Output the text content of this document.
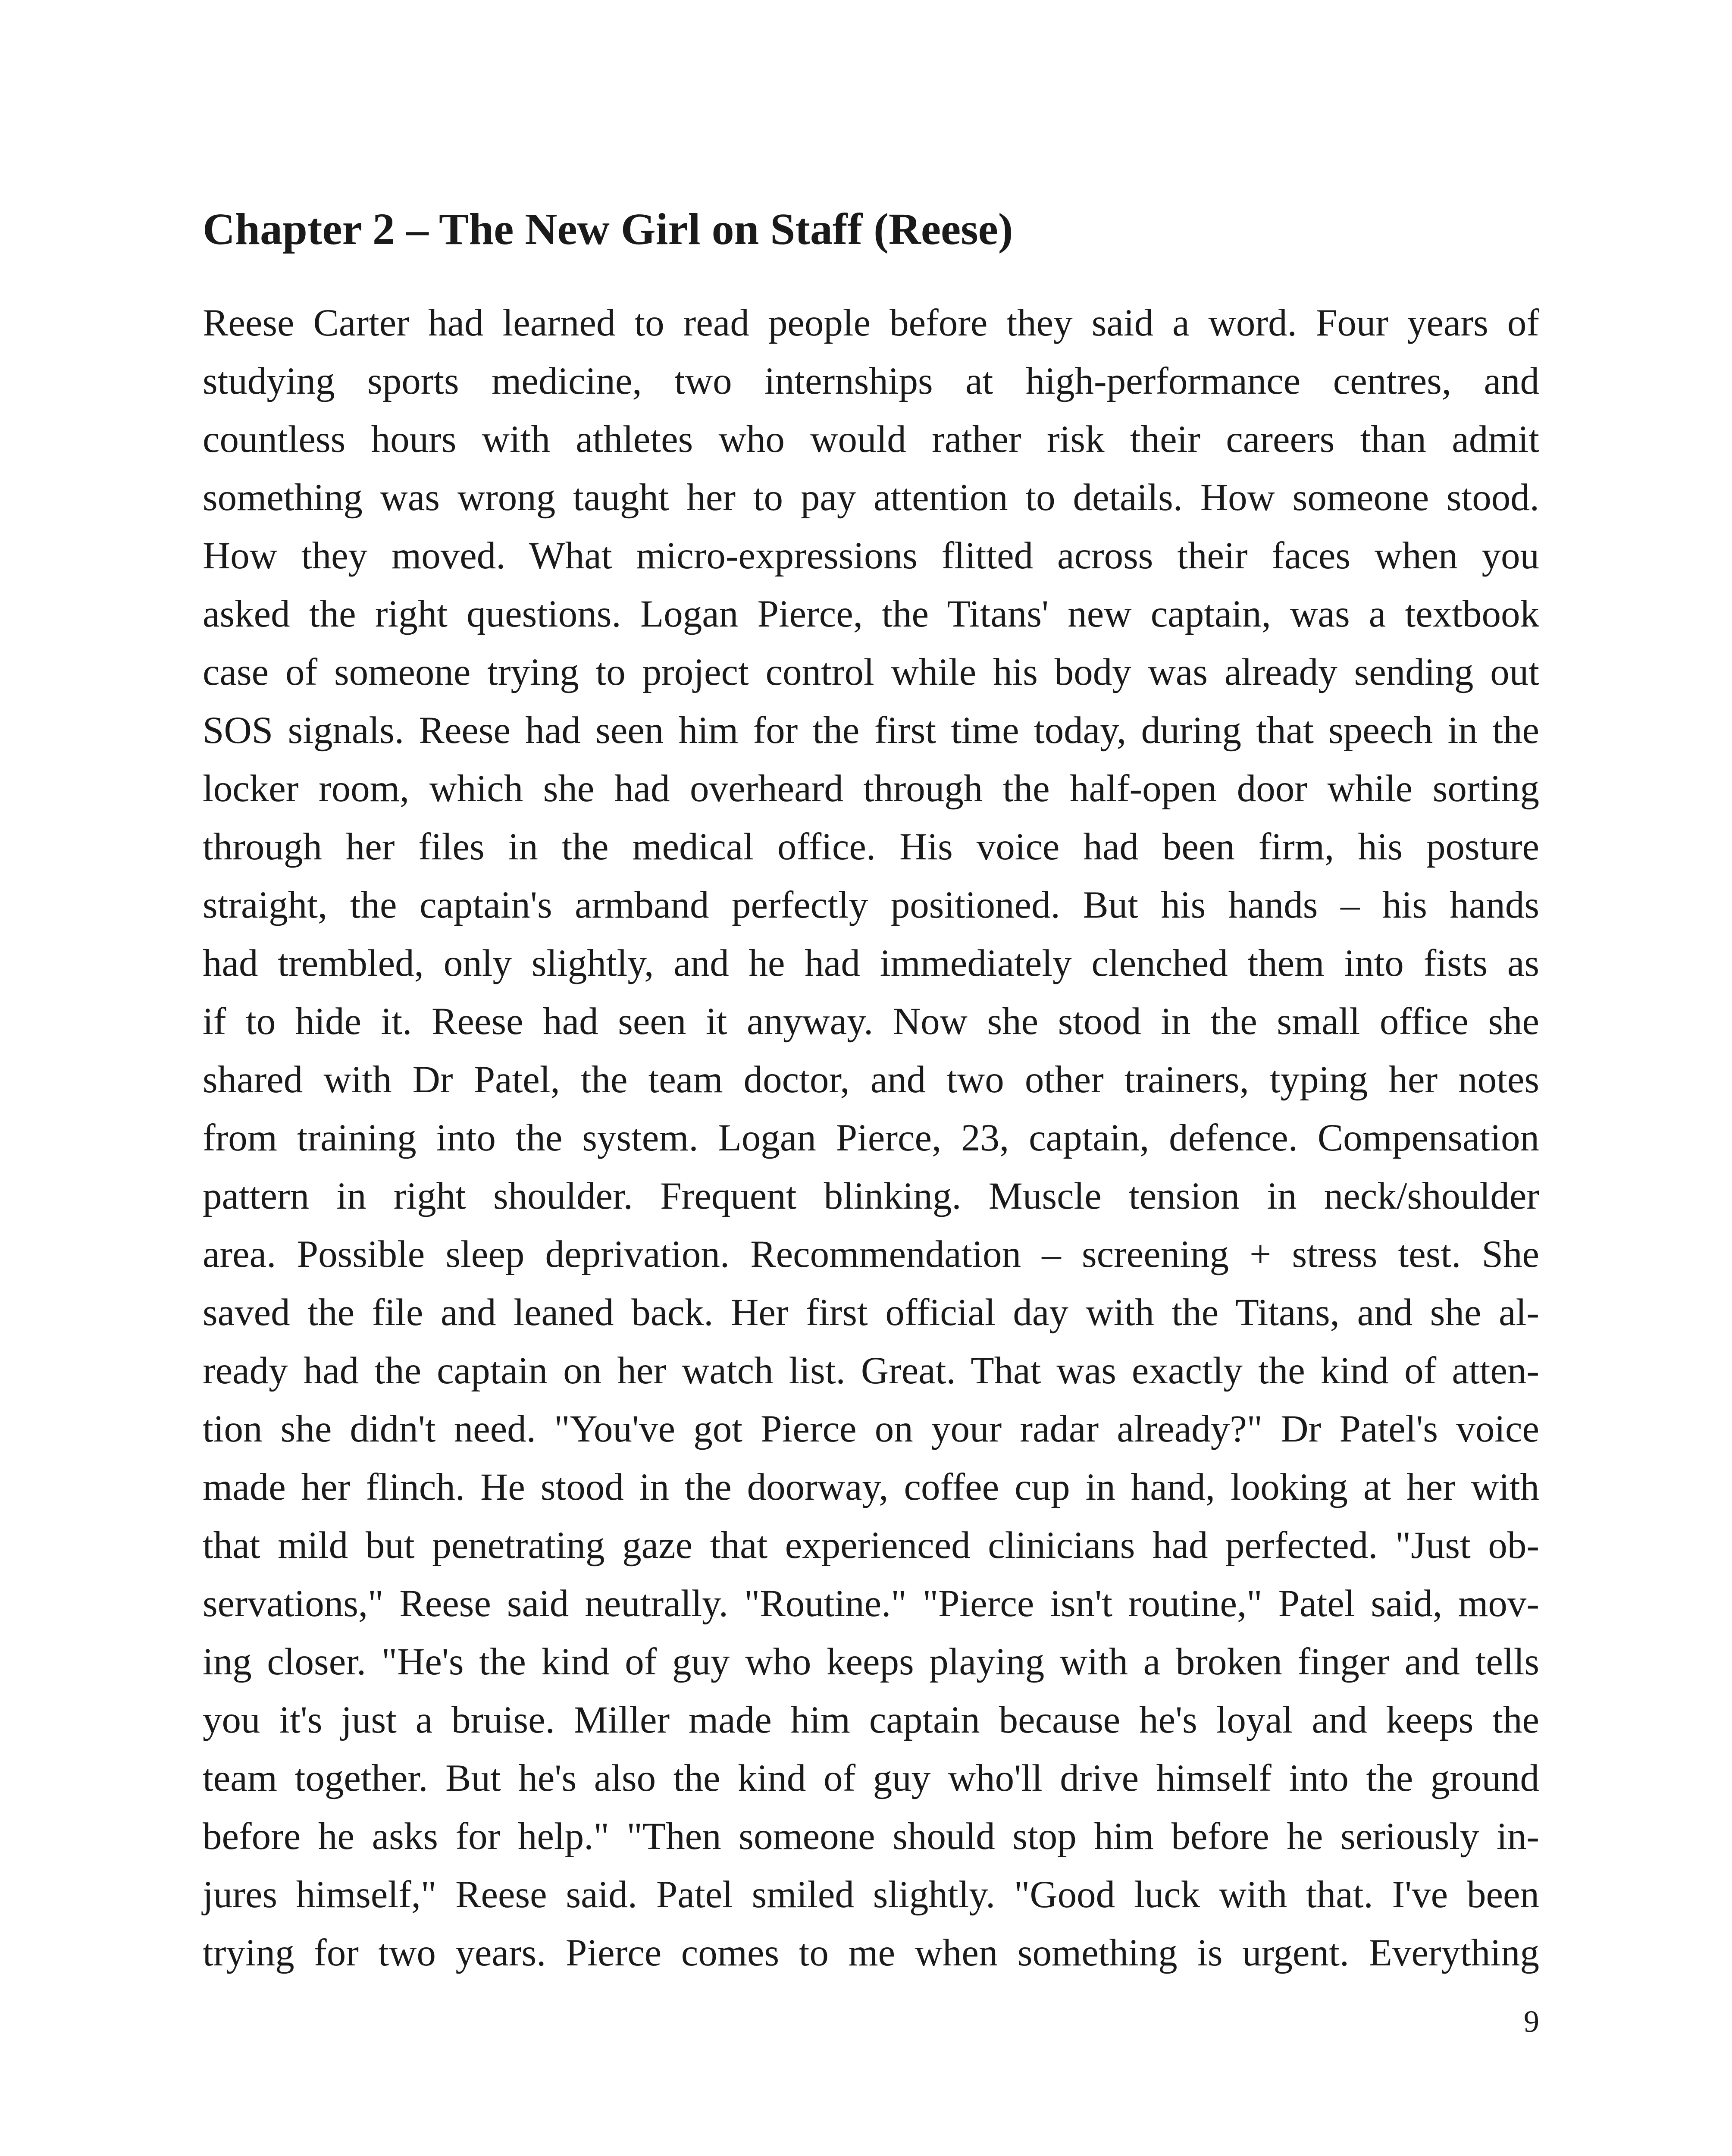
Chapter 2 – The New Girl on Staff (Reese)
Reese Carter had learned to read people before they said a word. Four years of
studying sports medicine, two internships at high-performance centres, and
countless hours with athletes who would rather risk their careers than admit
something was wrong taught her to pay attention to details. How someone stood.
How they moved. What micro-expressions flitted across their faces when you
asked the right questions. Logan Pierce, the Titans' new captain, was a textbook
case of someone trying to project control while his body was already sending out
SOS signals. Reese had seen him for the first time today, during that speech in the
locker room, which she had overheard through the half-open door while sorting
through her files in the medical office. His voice had been firm, his posture
straight, the captain's armband perfectly positioned. But his hands – his hands
had trembled, only slightly, and he had immediately clenched them into fists as
if to hide it. Reese had seen it anyway. Now she stood in the small office she
shared with Dr Patel, the team doctor, and two other trainers, typing her notes
from training into the system. Logan Pierce, 23, captain, defence. Compensation
pattern in right shoulder. Frequent blinking. Muscle tension in neck/shoulder
area. Possible sleep deprivation. Recommendation – screening + stress test. She
saved the file and leaned back. Her first official day with the Titans, and she al-
ready had the captain on her watch list. Great. That was exactly the kind of atten-
tion she didn't need. "You've got Pierce on your radar already?" Dr Patel's voice
made her flinch. He stood in the doorway, coffee cup in hand, looking at her with
that mild but penetrating gaze that experienced clinicians had perfected. "Just ob-
servations," Reese said neutrally. "Routine." "Pierce isn't routine," Patel said, mov-
ing closer. "He's the kind of guy who keeps playing with a broken finger and tells
you it's just a bruise. Miller made him captain because he's loyal and keeps the
team together. But he's also the kind of guy who'll drive himself into the ground
before he asks for help." "Then someone should stop him before he seriously in-
jures himself," Reese said. Patel smiled slightly. "Good luck with that. I've been
trying for two years. Pierce comes to me when something is urgent. Everything
9
